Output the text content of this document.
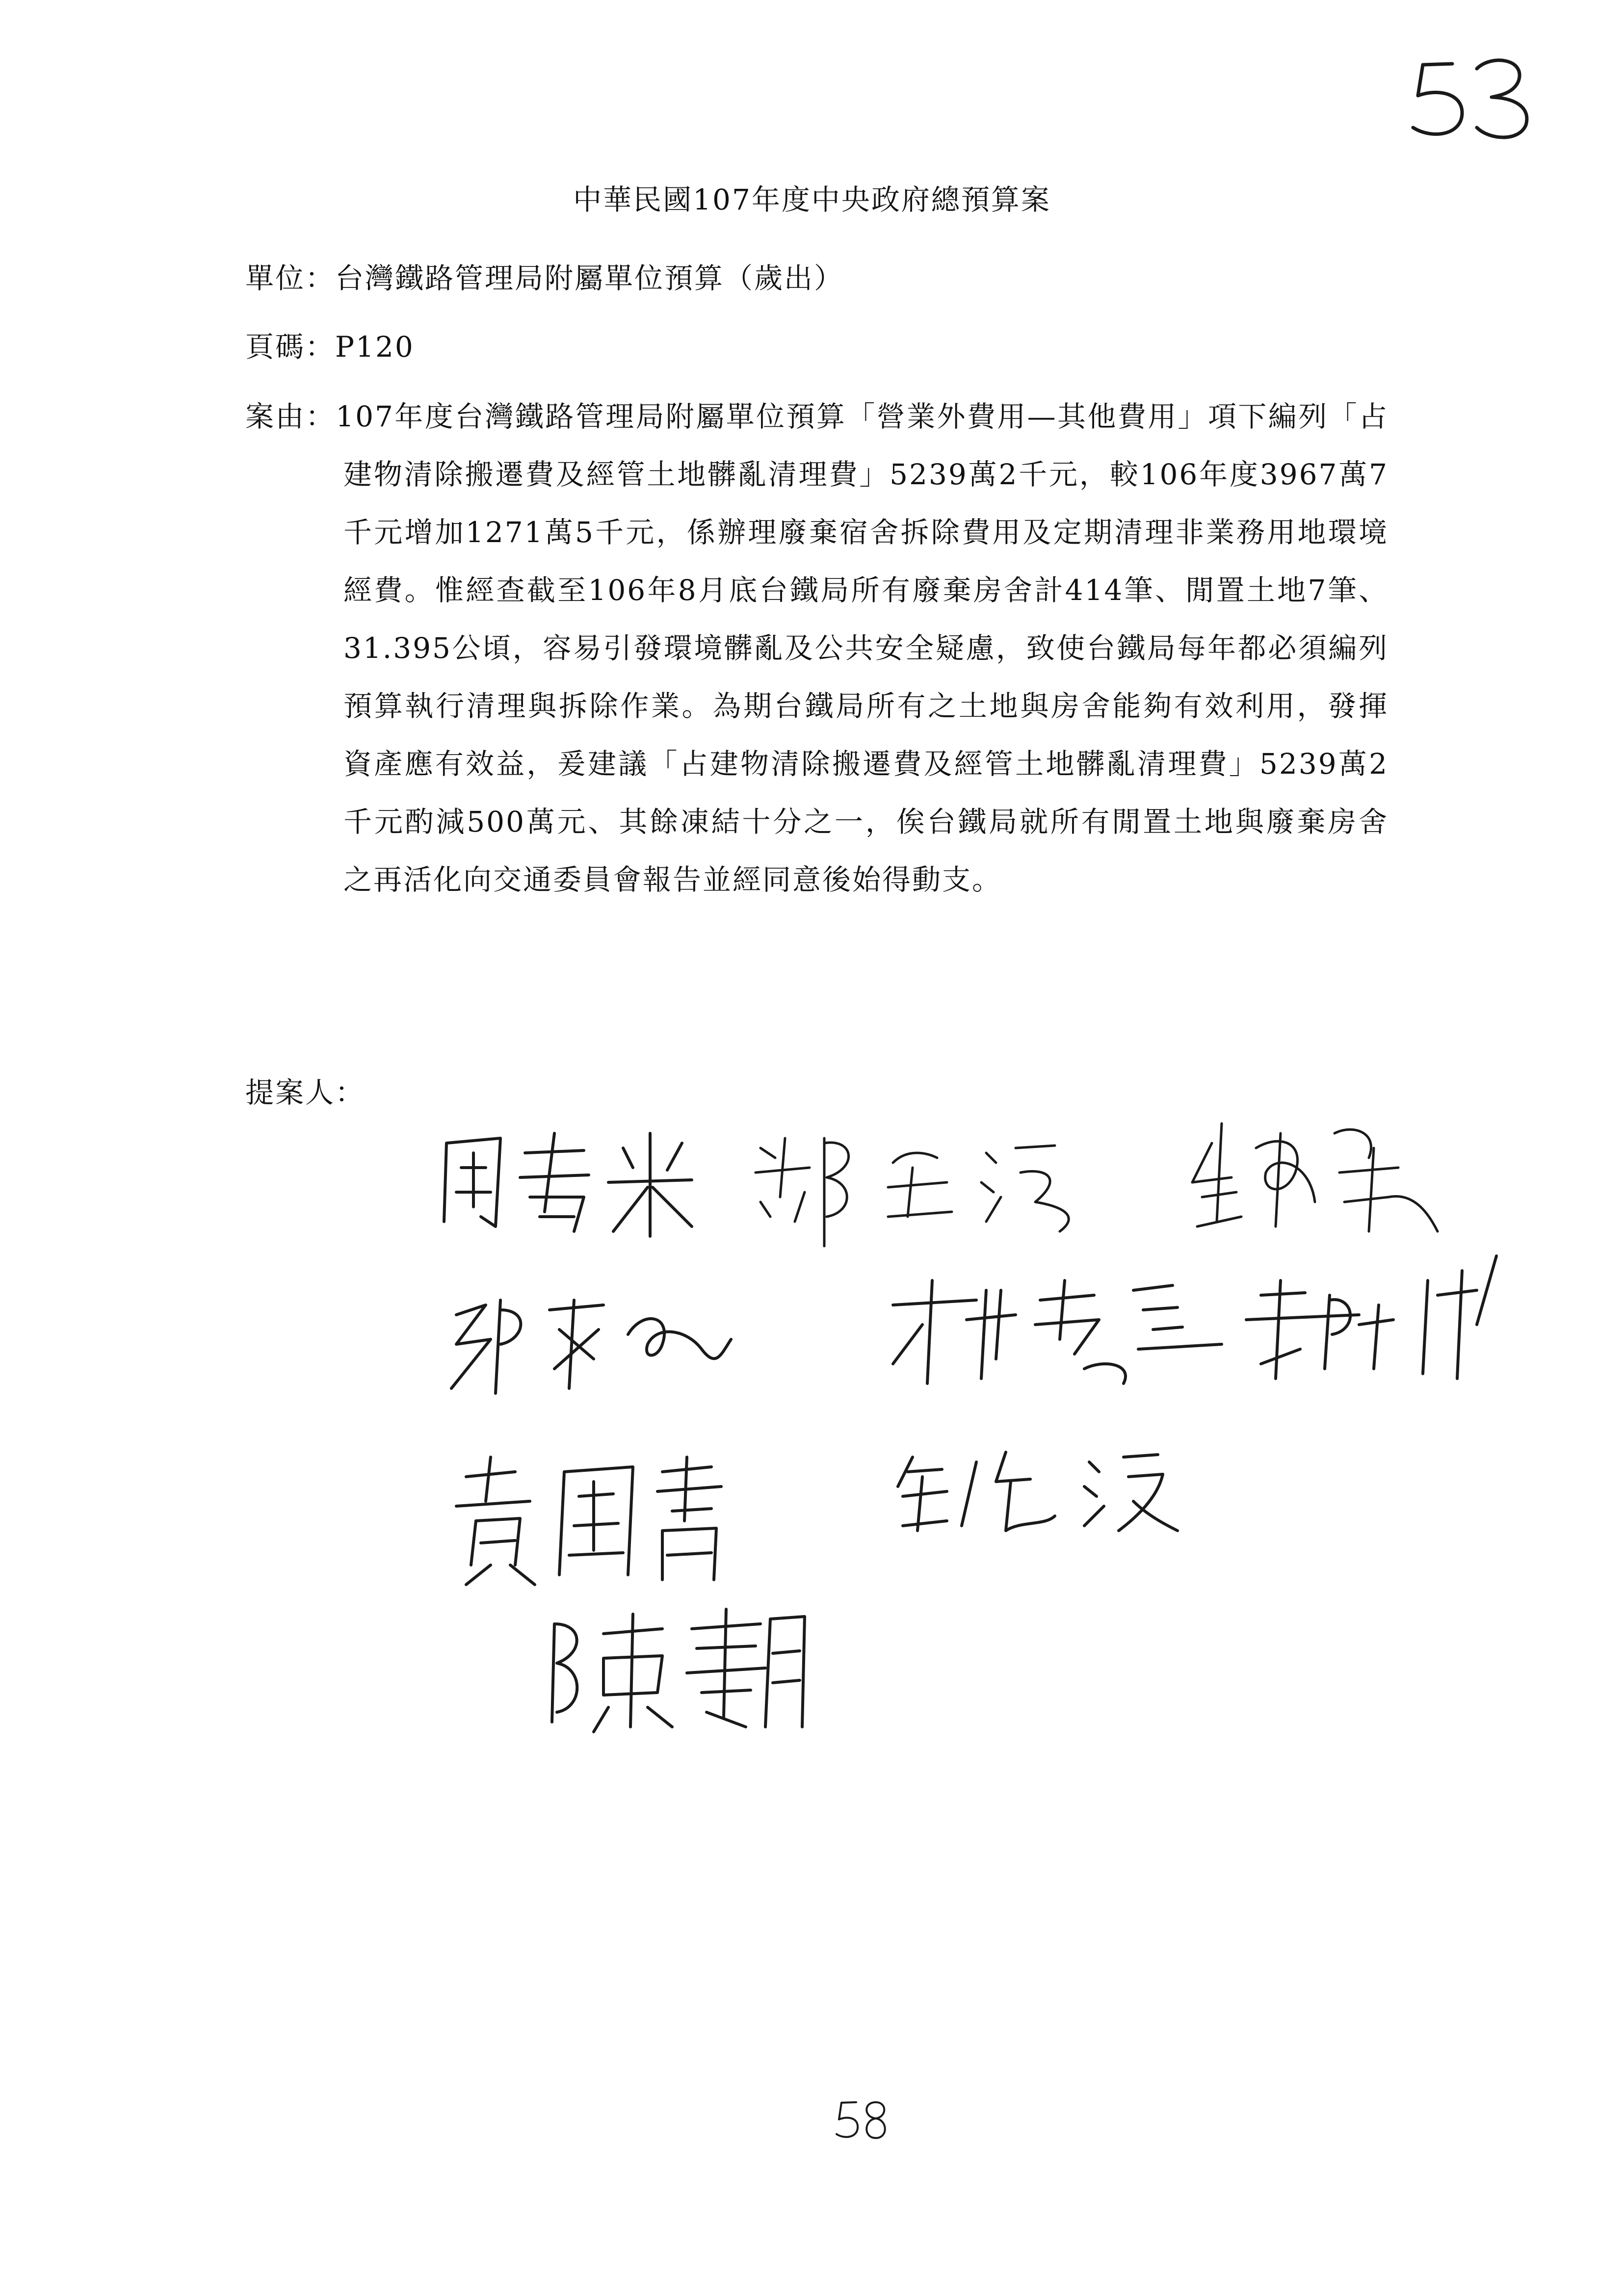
中華民國107年度中央政府總預算案
單位：台灣鐵路管理局附屬單位預算（歲出）
頁碼：P120
案由：107年度台灣鐵路管理局附屬單位預算「營業外費用—其他費用」項下編列「占建物清除搬遷費及經管土地髒亂清理費」5239萬2千元，較106年度3967萬7千元增加1271萬5千元，係辦理廢棄宿舍拆除費用及定期清理非業務用地環境經費。惟經查截至106年8月底台鐵局所有廢棄房舍計414筆、閒置土地7筆、31.395公頃，容易引發環境髒亂及公共安全疑慮，致使台鐵局每年都必須編列預算執行清理與拆除作業。為期台鐵局所有之土地與房舍能夠有效利用，發揮資產應有效益，爰建議「占建物清除搬遷費及經管土地髒亂清理費」5239萬2千元酌減500萬元、其餘凍結十分之一，俟台鐵局就所有閒置土地與廢棄房舍之再活化向交通委員會報告並經同意後始得動支。
提案人：
